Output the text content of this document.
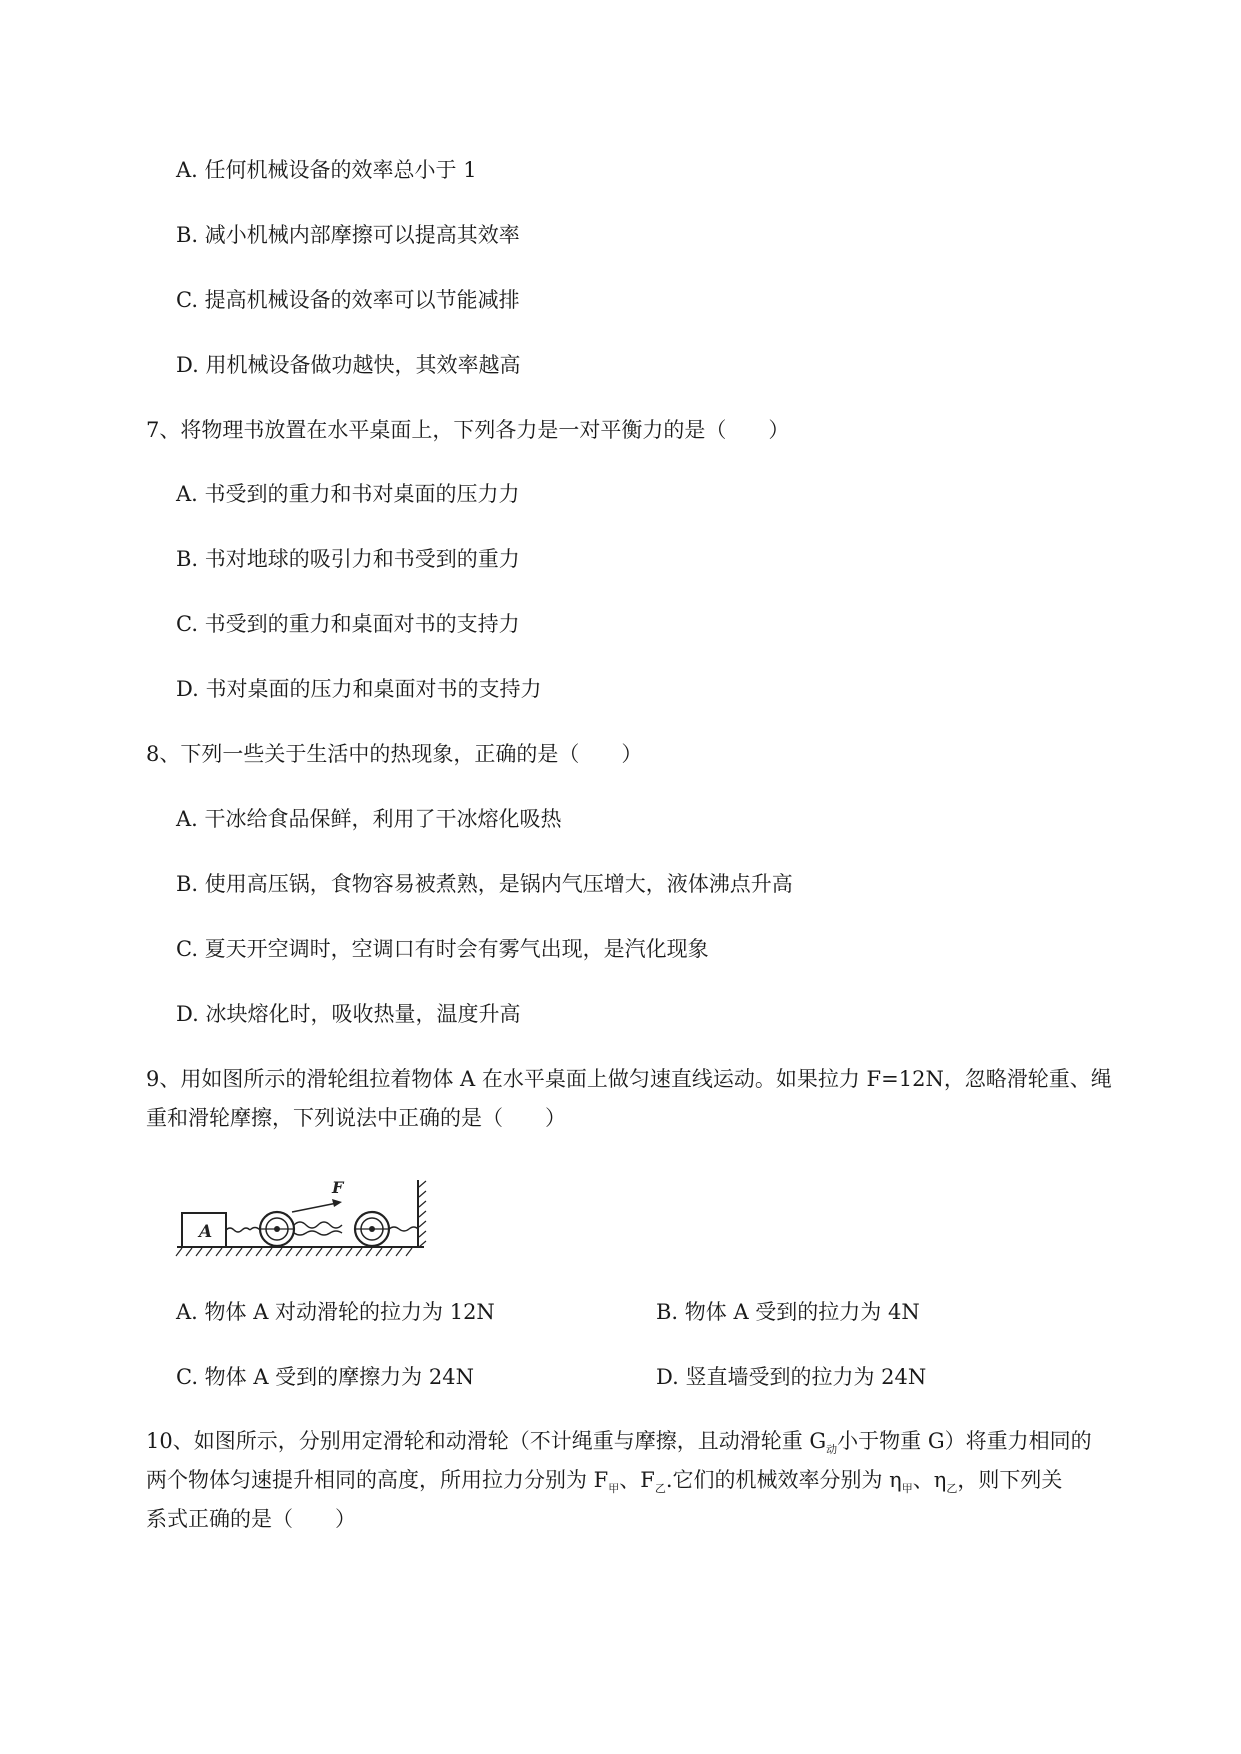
A. 任何机械设备的效率总小于 1
B. 减小机械内部摩擦可以提高其效率
C. 提高机械设备的效率可以节能减排
D. 用机械设备做功越快，其效率越高
7、将物理书放置在水平桌面上，下列各力是一对平衡力的是（　　）
A. 书受到的重力和书对桌面的压力力
B. 书对地球的吸引力和书受到的重力
C. 书受到的重力和桌面对书的支持力
D. 书对桌面的压力和桌面对书的支持力
8、下列一些关于生活中的热现象，正确的是（　　）
A. 干冰给食品保鲜，利用了干冰熔化吸热
B. 使用高压锅，食物容易被煮熟，是锅内气压增大，液体沸点升高
C. 夏天开空调时，空调口有时会有雾气出现，是汽化现象
D. 冰块熔化时，吸收热量，温度升高
9、用如图所示的滑轮组拉着物体 A 在水平桌面上做匀速直线运动。如果拉力 F=12N，忽略滑轮重、绳
重和滑轮摩擦，下列说法中正确的是（　　）
A
F
A. 物体 A 对动滑轮的拉力为 12N	B. 物体 A 受到的拉力为 4N
C. 物体 A 受到的摩擦力为 24N	D. 竖直墙受到的拉力为 24N
10、如图所示，分别用定滑轮和动滑轮（不计绳重与摩擦，且动滑轮重 $G_动$小于物重 G）将重力相同的
两个物体匀速提升相同的高度，所用拉力分别为 $F_甲$、$F_乙$.它们的机械效率分别为 $\eta_甲$、$\eta_乙$，则下列关
系式正确的是（　　）
